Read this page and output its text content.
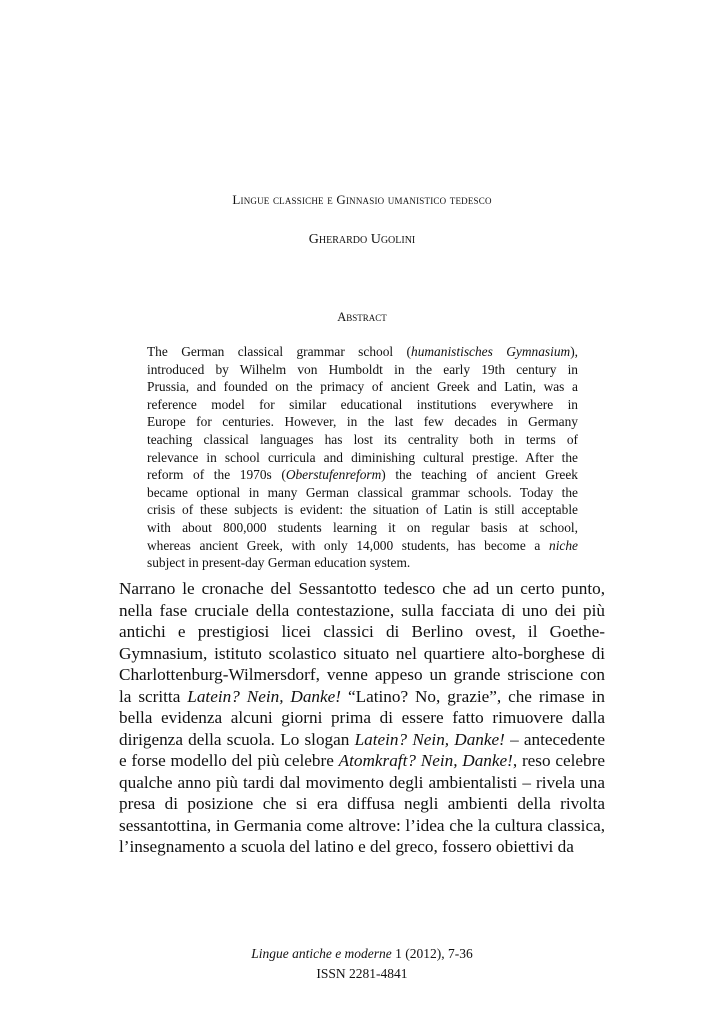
Lingue classiche e Ginnasio umanistico tedesco
Gherardo Ugolini
Abstract
The German classical grammar school (humanistisches Gymnasium),
introduced by Wilhelm von Humboldt in the early 19th century in
Prussia, and founded on the primacy of ancient Greek and Latin, was a
reference model for similar educational institutions everywhere in
Europe for centuries. However, in the last few decades in Germany
teaching classical languages has lost its centrality both in terms of
relevance in school curricula and diminishing cultural prestige. After the
reform of the 1970s (Oberstufenreform) the teaching of ancient Greek
became optional in many German classical grammar schools. Today the
crisis of these subjects is evident: the situation of Latin is still acceptable
with about 800,000 students learning it on regular basis at school,
whereas ancient Greek, with only 14,000 students, has become a niche
subject in present-day German education system.
Narrano le cronache del Sessantotto tedesco che ad un certo punto,
nella fase cruciale della contestazione, sulla facciata di uno dei più
antichi e prestigiosi licei classici di Berlino ovest, il Goethe-
Gymnasium, istituto scolastico situato nel quartiere alto-borghese di
Charlottenburg-Wilmersdorf, venne appeso un grande striscione con
la scritta Latein? Nein, Danke! “Latino? No, grazie”, che rimase in
bella evidenza alcuni giorni prima di essere fatto rimuovere dalla
dirigenza della scuola. Lo slogan Latein? Nein, Danke! – antecedente
e forse modello del più celebre Atomkraft? Nein, Danke!, reso celebre
qualche anno più tardi dal movimento degli ambientalisti – rivela una
presa di posizione che si era diffusa negli ambienti della rivolta
sessantottina, in Germania come altrove: l’idea che la cultura classica,
l’insegnamento a scuola del latino e del greco, fossero obiettivi da
Lingue antiche e moderne 1 (2012), 7-36
ISSN 2281-4841
